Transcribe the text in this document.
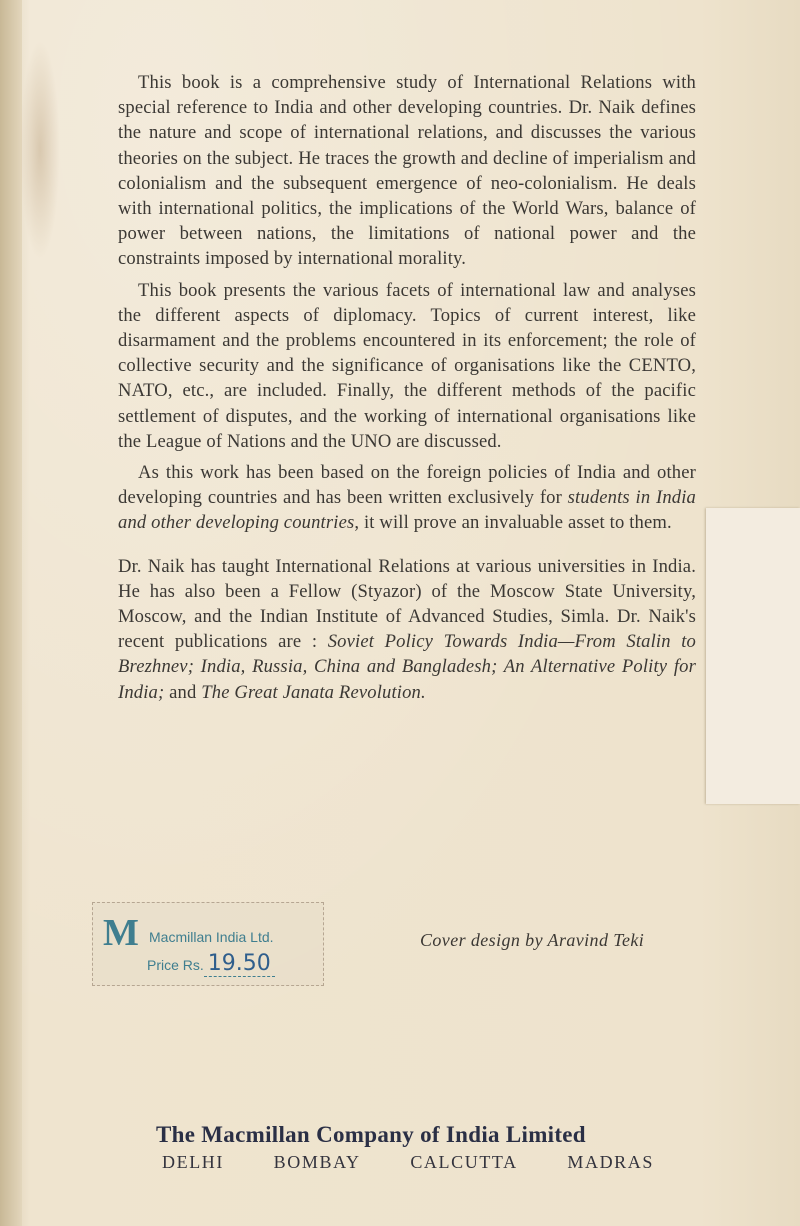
This book is a comprehensive study of International Relations with special reference to India and other developing countries. Dr. Naik defines the nature and scope of international relations, and discusses the various theories on the subject. He traces the growth and decline of imperialism and colonialism and the subsequent emergence of neo-colonialism. He deals with international politics, the implications of the World Wars, balance of power between nations, the limitations of national power and the constraints imposed by international morality.

This book presents the various facets of international law and analyses the different aspects of diplomacy. Topics of current interest, like disarmament and the problems encountered in its enforcement; the role of collective security and the significance of organisations like the CENTO, NATO, etc., are included. Finally, the different methods of the pacific settlement of disputes, and the working of international organisations like the League of Nations and the UNO are discussed.

As this work has been based on the foreign policies of India and other developing countries and has been written exclusively for students in India and other developing countries, it will prove an invaluable asset to them.

Dr. Naik has taught International Relations at various universities in India. He has also been a Fellow (Styazor) of the Moscow State University, Moscow, and the Indian Institute of Advanced Studies, Simla. Dr. Naik's recent publications are : Soviet Policy Towards India—From Stalin to Brezhnev; India, Russia, China and Bangladesh; An Alternative Polity for India; and The Great Janata Revolution.

M Macmillan India Ltd.
Price Rs. 19.50
Cover design by Aravind Teki
The Macmillan Company of India Limited
DELHI	BOMBAY	CALCUTTA	MADRAS
